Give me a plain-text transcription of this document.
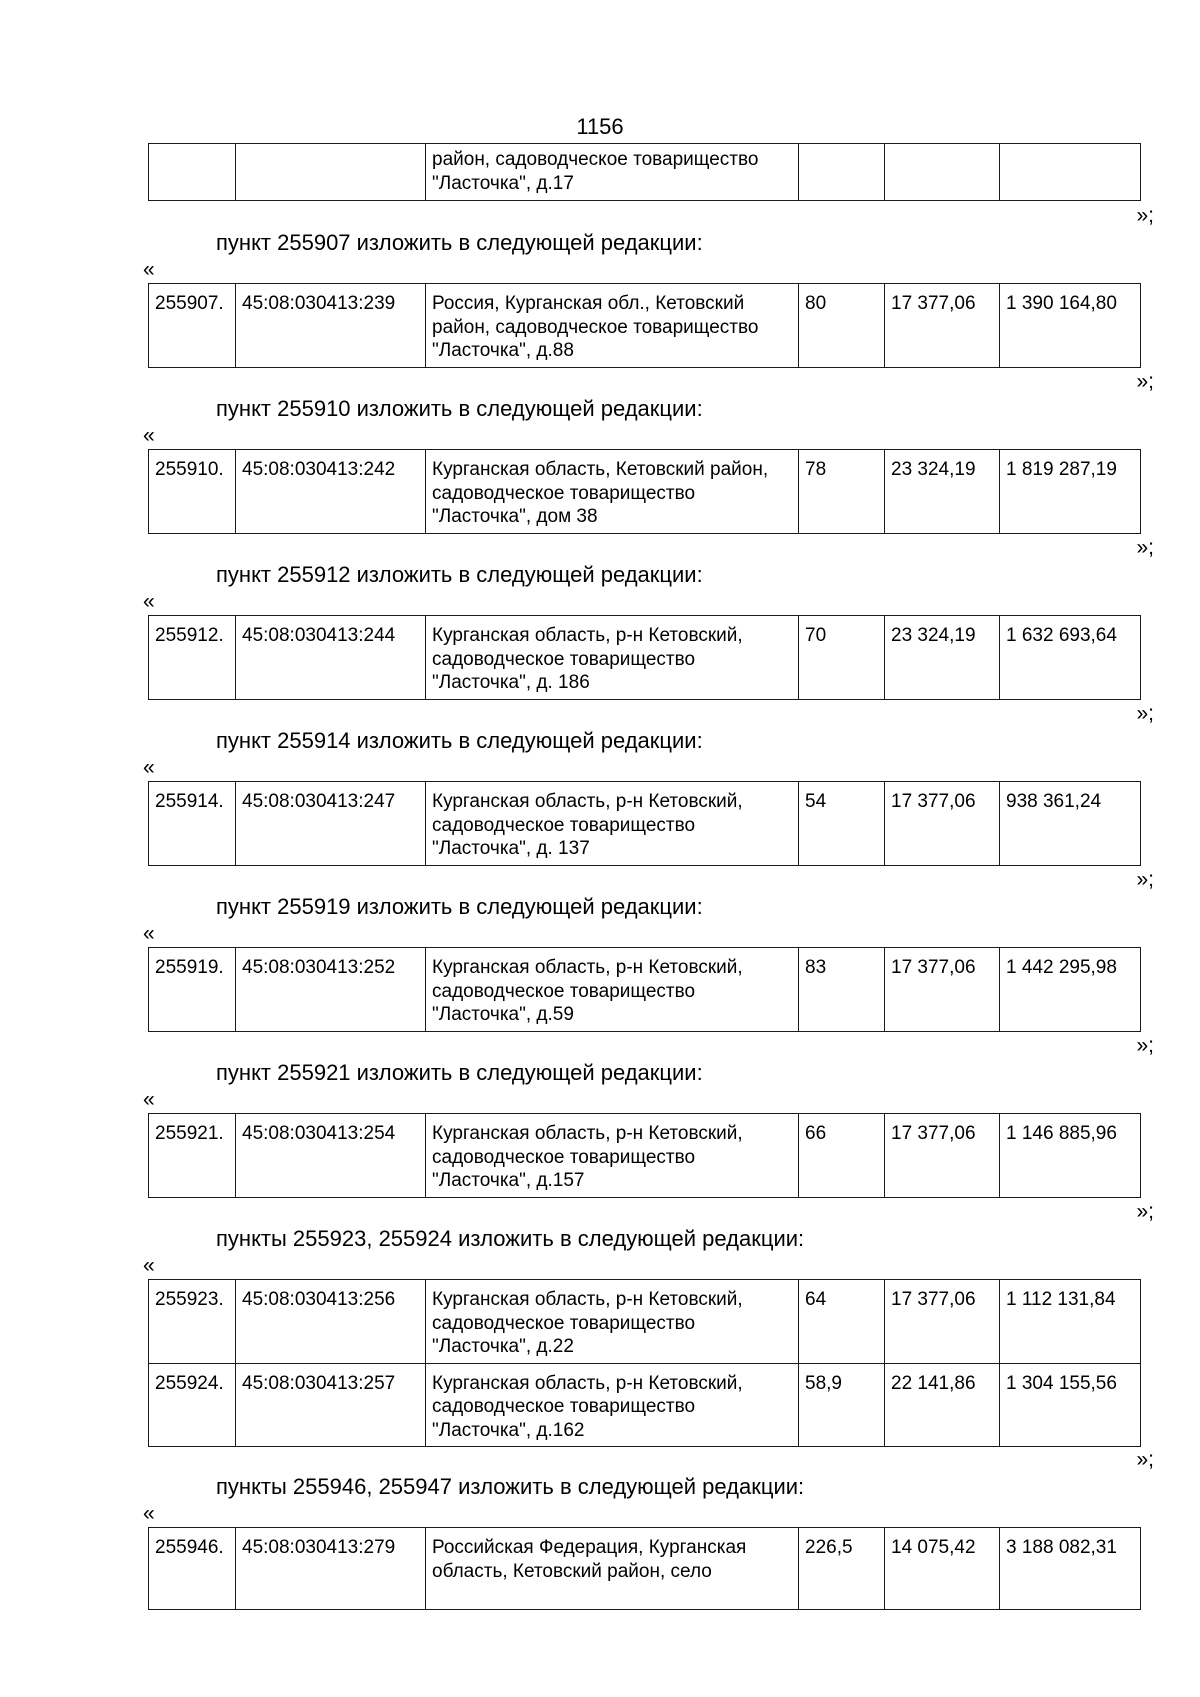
1156
		район, садоводческое товарищество
"Ласточка", д.17			
»;
пункт 255907 изложить в следующей редакции:
«
255907.	45:08:030413:239	Россия, Курганская обл., Кетовский
район, садоводческое товарищество
"Ласточка", д.88	80	17 377,06	1 390 164,80
»;
пункт 255910 изложить в следующей редакции:
«
255910.	45:08:030413:242	Курганская область, Кетовский район,
садоводческое товарищество
"Ласточка", дом 38	78	23 324,19	1 819 287,19
»;
пункт 255912 изложить в следующей редакции:
«
255912.	45:08:030413:244	Курганская область, р-н Кетовский,
садоводческое товарищество
"Ласточка", д. 186	70	23 324,19	1 632 693,64
»;
пункт 255914 изложить в следующей редакции:
«
255914.	45:08:030413:247	Курганская область, р-н Кетовский,
садоводческое товарищество
"Ласточка", д. 137	54	17 377,06	938 361,24
»;
пункт 255919 изложить в следующей редакции:
«
255919.	45:08:030413:252	Курганская область, р-н Кетовский,
садоводческое товарищество
"Ласточка", д.59	83	17 377,06	1 442 295,98
»;
пункт 255921 изложить в следующей редакции:
«
255921.	45:08:030413:254	Курганская область, р-н Кетовский,
садоводческое товарищество
"Ласточка", д.157	66	17 377,06	1 146 885,96
»;
пункты 255923, 255924 изложить в следующей редакции:
«
255923.	45:08:030413:256	Курганская область, р-н Кетовский,
садоводческое товарищество
"Ласточка", д.22	64	17 377,06	1 112 131,84
255924.	45:08:030413:257	Курганская область, р-н Кетовский,
садоводческое товарищество
"Ласточка", д.162	58,9	22 141,86	1 304 155,56
»;
пункты 255946, 255947 изложить в следующей редакции:
«
255946.	45:08:030413:279	Российская Федерация, Курганская
область, Кетовский район, село	226,5	14 075,42	3 188 082,31
